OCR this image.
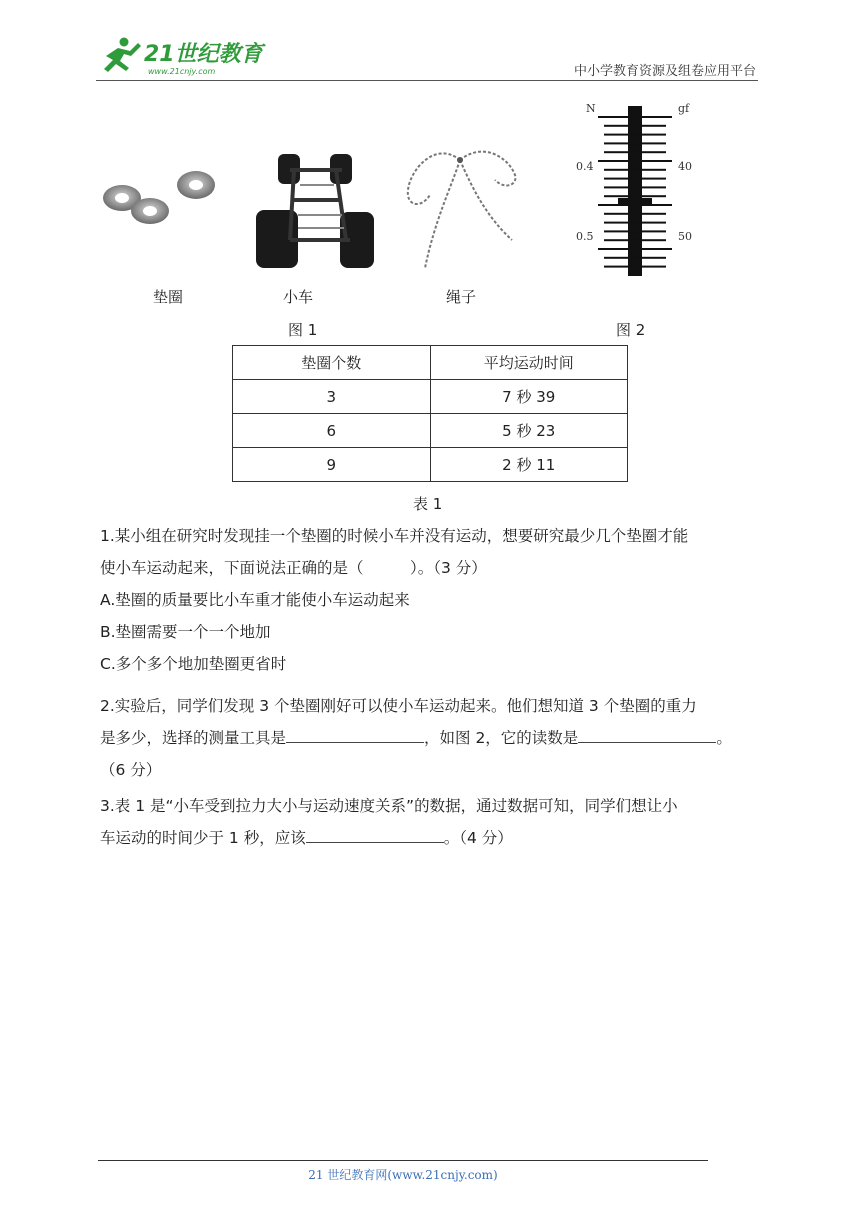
21世纪教育
www.21cnjy.com	中小学教育资源及组卷应用平台
垫圈	小车	绳子
图 1
N	gf
0.4
0.5
40
50
图 2
垫圈个数	平均运动时间
3	7 秒 39
6	5 秒 23
9	2 秒 11
表 1
1.某小组在研究时发现挂一个垫圈的时候小车并没有运动，想要研究最少几个垫圈才能
使小车运动起来，下面说法正确的是（　　　）。（3 分）
A.垫圈的质量要比小车重才能使小车运动起来
B.垫圈需要一个一个地加
C.多个多个地加垫圈更省时
2.实验后，同学们发现 3 个垫圈刚好可以使小车运动起来。他们想知道 3 个垫圈的重力
是多少，选择的测量工具是	，如图 2，它的读数是	。
（6 分）
3.表 1 是“小车受到拉力大小与运动速度关系”的数据，通过数据可知，同学们想让小
车运动的时间少于 1 秒，应该	。（4 分）
21 世纪教育网(www.21cnjy.com)
